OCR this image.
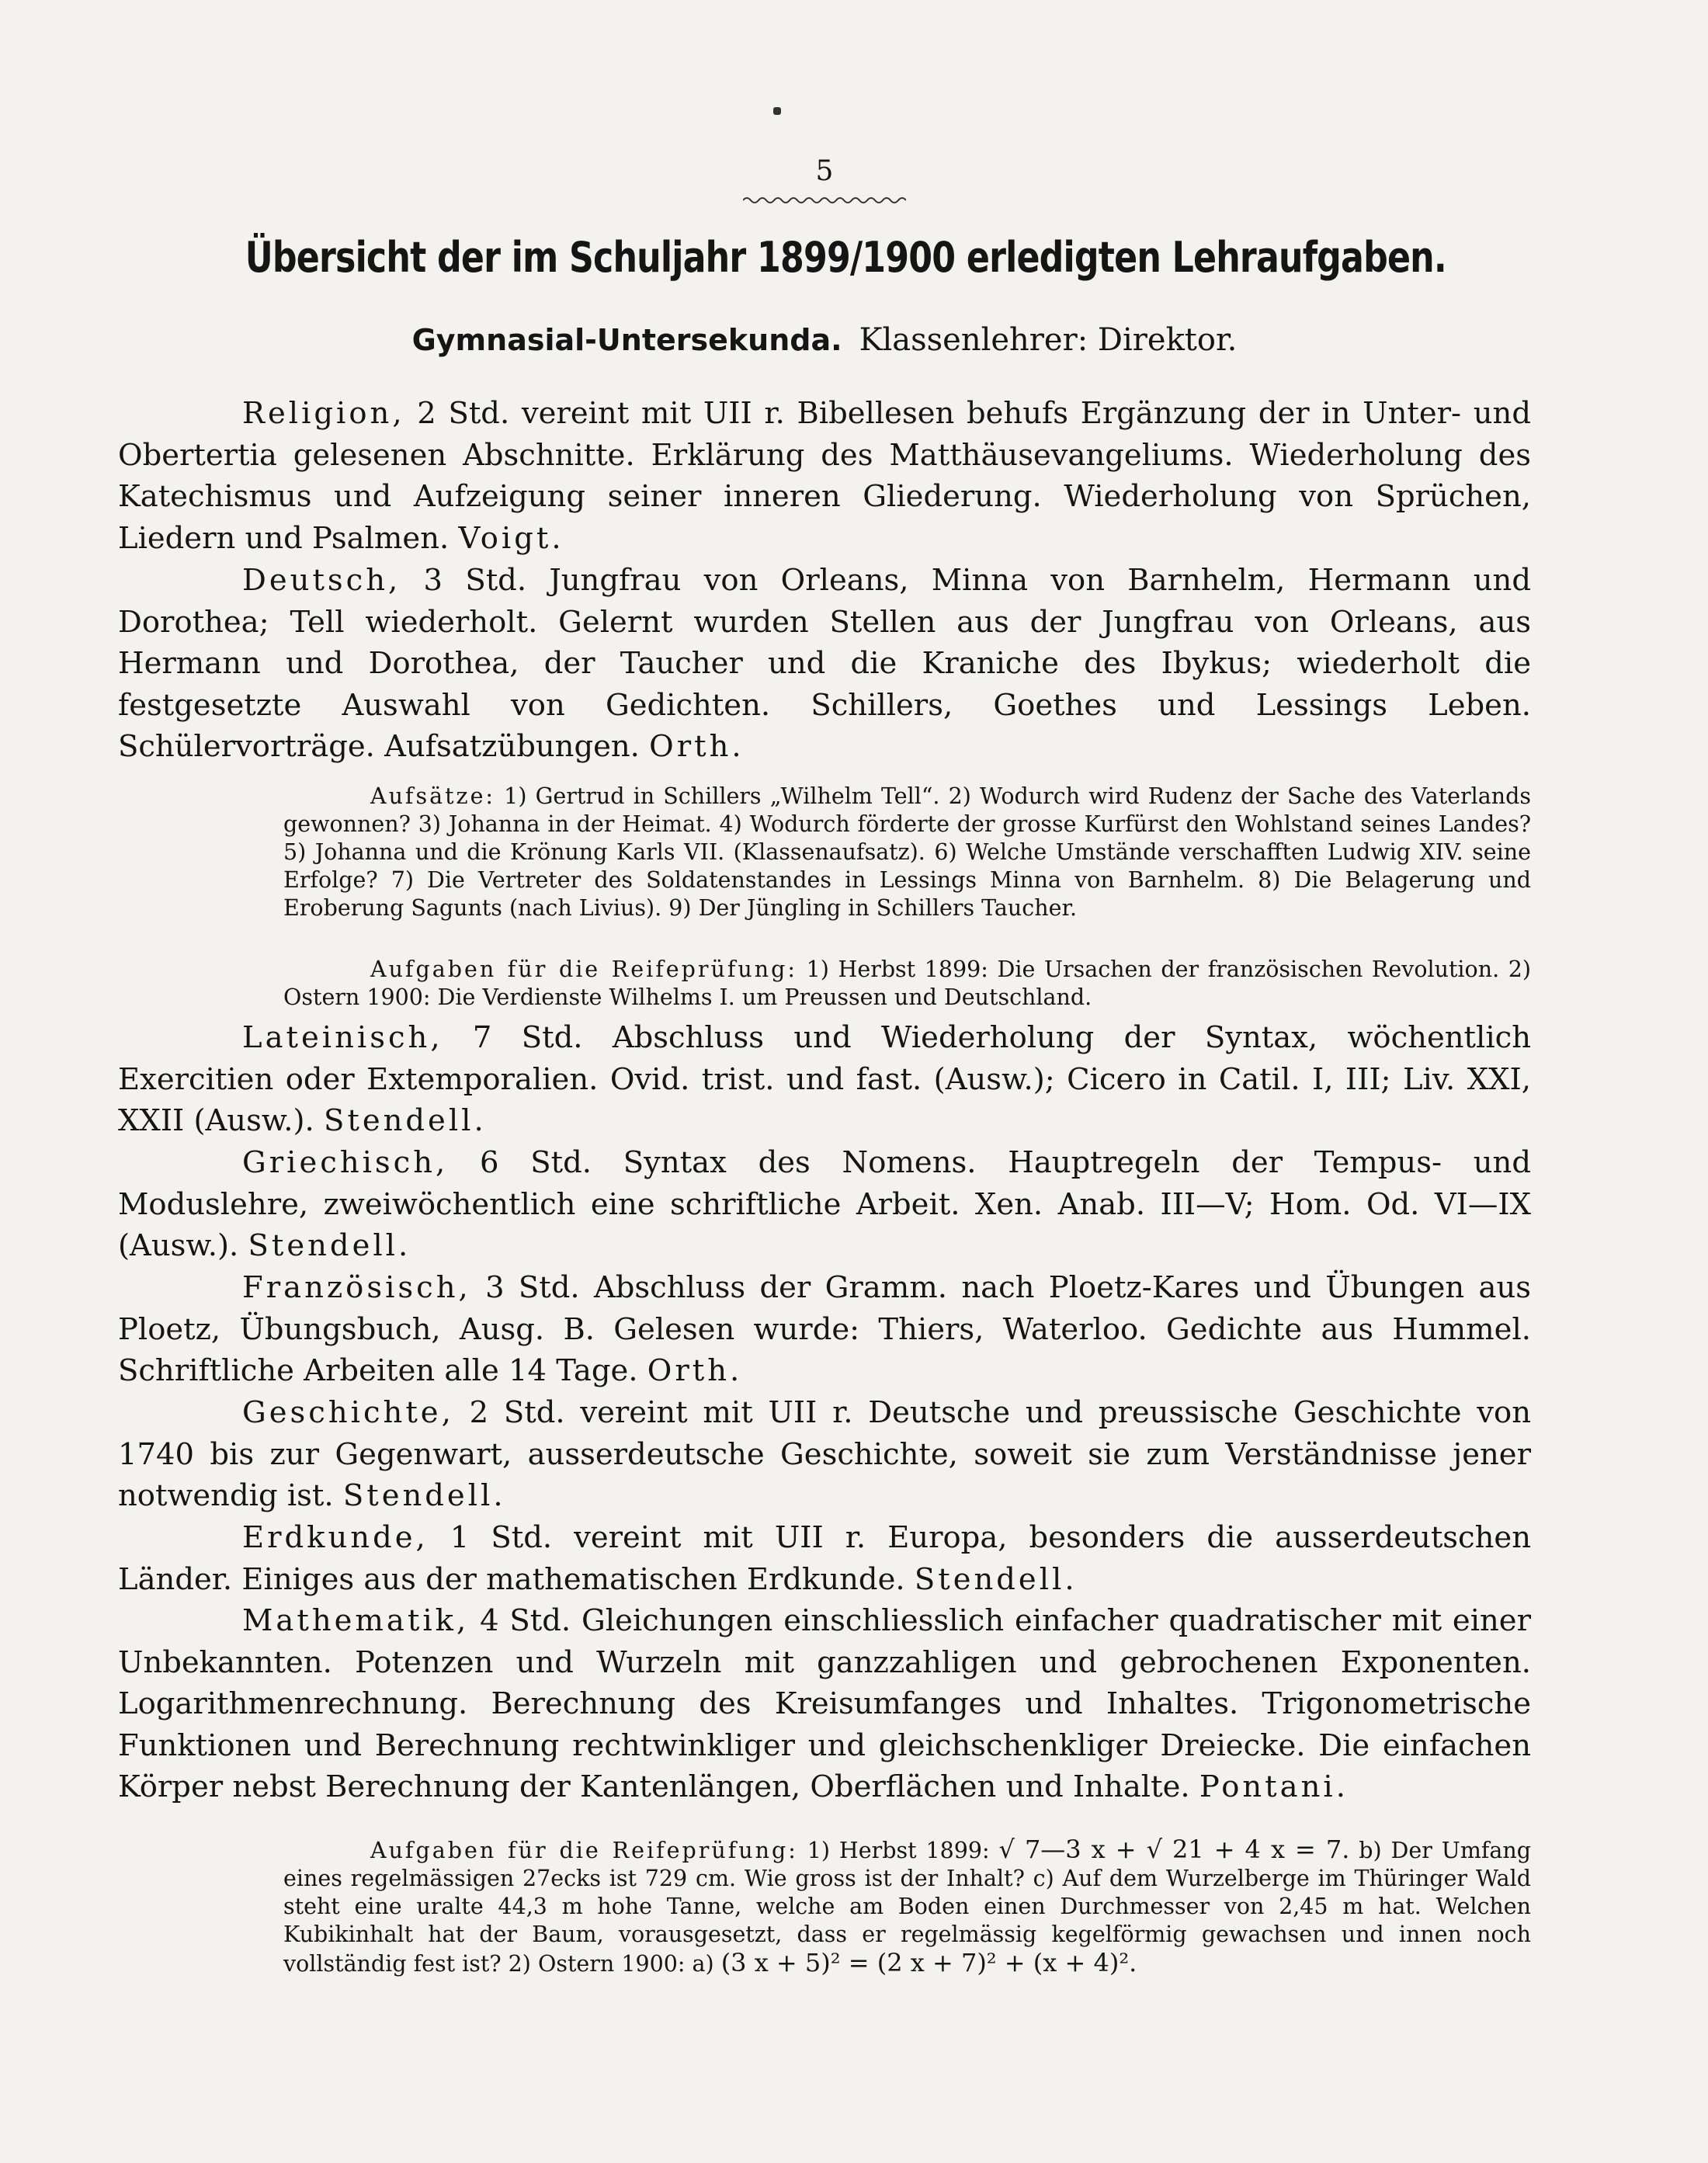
5
Übersicht der im Schuljahr 1899/1900 erledigten Lehraufgaben.
Gymnasial-Untersekunda. Klassenlehrer: Direktor.
Religion, 2 Std. vereint mit UII r. Bibellesen behufs Ergänzung der in Unter- und Obertertia gelesenen Abschnitte. Erklärung des Matthäusevangeliums. Wiederholung des Katechismus und Aufzeigung seiner inneren Gliederung. Wiederholung von Sprüchen, Liedern und Psalmen. Voigt.
Deutsch, 3 Std. Jungfrau von Orleans, Minna von Barnhelm, Hermann und Dorothea; Tell wiederholt. Gelernt wurden Stellen aus der Jungfrau von Orleans, aus Hermann und Dorothea, der Taucher und die Kraniche des Ibykus; wiederholt die festgesetzte Auswahl von Gedichten. Schillers, Goethes und Lessings Leben. Schülervorträge. Aufsatzübungen. Orth.
Aufsätze: 1) Gertrud in Schillers „Wilhelm Tell“. 2) Wodurch wird Rudenz der Sache des Vaterlands gewonnen? 3) Johanna in der Heimat. 4) Wodurch förderte der grosse Kurfürst den Wohlstand seines Landes? 5) Johanna und die Krönung Karls VII. (Klassenaufsatz). 6) Welche Umstände verschafften Ludwig XIV. seine Erfolge? 7) Die Vertreter des Soldatenstandes in Lessings Minna von Barnhelm. 8) Die Belagerung und Eroberung Sagunts (nach Livius). 9) Der Jüngling in Schillers Taucher.
Aufgaben für die Reifeprüfung: 1) Herbst 1899: Die Ursachen der französischen Revolution. 2) Ostern 1900: Die Verdienste Wilhelms I. um Preussen und Deutschland.
Lateinisch, 7 Std. Abschluss und Wiederholung der Syntax, wöchentlich Exercitien oder Extemporalien. Ovid. trist. und fast. (Ausw.); Cicero in Catil. I, III; Liv. XXI, XXII (Ausw.). Stendell.
Griechisch, 6 Std. Syntax des Nomens. Hauptregeln der Tempus- und Moduslehre, zweiwöchentlich eine schriftliche Arbeit. Xen. Anab. III—V; Hom. Od. VI—IX (Ausw.). Stendell.
Französisch, 3 Std. Abschluss der Gramm. nach Ploetz-Kares und Übungen aus Ploetz, Übungsbuch, Ausg. B. Gelesen wurde: Thiers, Waterloo. Gedichte aus Hummel. Schriftliche Arbeiten alle 14 Tage. Orth.
Geschichte, 2 Std. vereint mit UII r. Deutsche und preussische Geschichte von 1740 bis zur Gegenwart, ausserdeutsche Geschichte, soweit sie zum Verständnisse jener notwendig ist. Stendell.
Erdkunde, 1 Std. vereint mit UII r. Europa, besonders die ausserdeutschen Länder. Einiges aus der mathematischen Erdkunde. Stendell.
Mathematik, 4 Std. Gleichungen einschliesslich einfacher quadratischer mit einer Unbekannten. Potenzen und Wurzeln mit ganzzahligen und gebrochenen Exponenten. Logarithmenrechnung. Berechnung des Kreisumfanges und Inhaltes. Trigonometrische Funktionen und Berechnung rechtwinkliger und gleichschenkliger Dreiecke. Die einfachen Körper nebst Berechnung der Kantenlängen, Oberflächen und Inhalte. Pontani.
Aufgaben für die Reifeprüfung: 1) Herbst 1899: √ 7—3 x + √ 21 + 4 x = 7. b) Der Umfang eines regelmässigen 27ecks ist 729 cm. Wie gross ist der Inhalt? c) Auf dem Wurzelberge im Thüringer Wald steht eine uralte 44,3 m hohe Tanne, welche am Boden einen Durchmesser von 2,45 m hat. Welchen Kubikinhalt hat der Baum, vorausgesetzt, dass er regelmässig kegelförmig gewachsen und innen noch vollständig fest ist? 2) Ostern 1900: a) (3 x + 5)² = (2 x + 7)² + (x + 4)².
